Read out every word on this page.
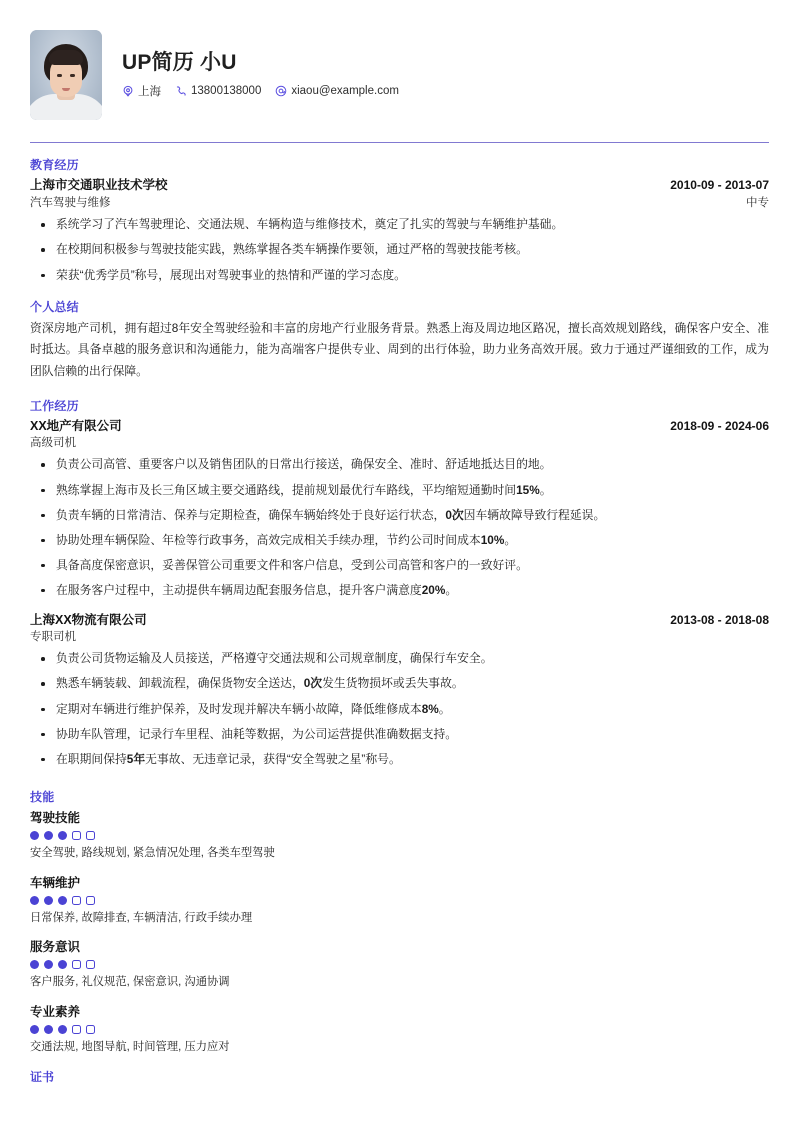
UP简历 小U
上海	13800138000	xiaou@example.com
教育经历
上海市交通职业技术学校	2010-09 - 2013-07
汽车驾驶与维修	中专
系统学习了汽车驾驶理论、交通法规、车辆构造与维修技术，奠定了扎实的驾驶与车辆维护基础。
在校期间积极参与驾驶技能实践，熟练掌握各类车辆操作要领，通过严格的驾驶技能考核。
荣获“优秀学员”称号，展现出对驾驶事业的热情和严谨的学习态度。
个人总结
资深房地产司机，拥有超过8年安全驾驶经验和丰富的房地产行业服务背景。熟悉上海及周边地区路况，擅长高效规划路线，确保客户安全、准时抵达。具备卓越的服务意识和沟通能力，能为高端客户提供专业、周到的出行体验，助力业务高效开展。致力于通过严谨细致的工作，成为团队信赖的出行保障。
工作经历
XX地产有限公司	2018-09 - 2024-06
高级司机
负责公司高管、重要客户以及销售团队的日常出行接送，确保安全、准时、舒适地抵达目的地。
熟练掌握上海市及长三角区域主要交通路线，提前规划最优行车路线，平均缩短通勤时间15%。
负责车辆的日常清洁、保养与定期检查，确保车辆始终处于良好运行状态，0次因车辆故障导致行程延误。
协助处理车辆保险、年检等行政事务，高效完成相关手续办理，节约公司时间成本10%。
具备高度保密意识，妥善保管公司重要文件和客户信息，受到公司高管和客户的一致好评。
在服务客户过程中，主动提供车辆周边配套服务信息，提升客户满意度20%。
上海XX物流有限公司	2013-08 - 2018-08
专职司机
负责公司货物运输及人员接送，严格遵守交通法规和公司规章制度，确保行车安全。
熟悉车辆装载、卸载流程，确保货物安全送达，0次发生货物损坏或丢失事故。
定期对车辆进行维护保养，及时发现并解决车辆小故障，降低维修成本8%。
协助车队管理，记录行车里程、油耗等数据，为公司运营提供准确数据支持。
在职期间保持5年无事故、无违章记录，获得“安全驾驶之星”称号。
技能
驾驶技能
安全驾驶, 路线规划, 紧急情况处理, 各类车型驾驶
车辆维护
日常保养, 故障排查, 车辆清洁, 行政手续办理
服务意识
客户服务, 礼仪规范, 保密意识, 沟通协调
专业素养
交通法规, 地图导航, 时间管理, 压力应对
证书
